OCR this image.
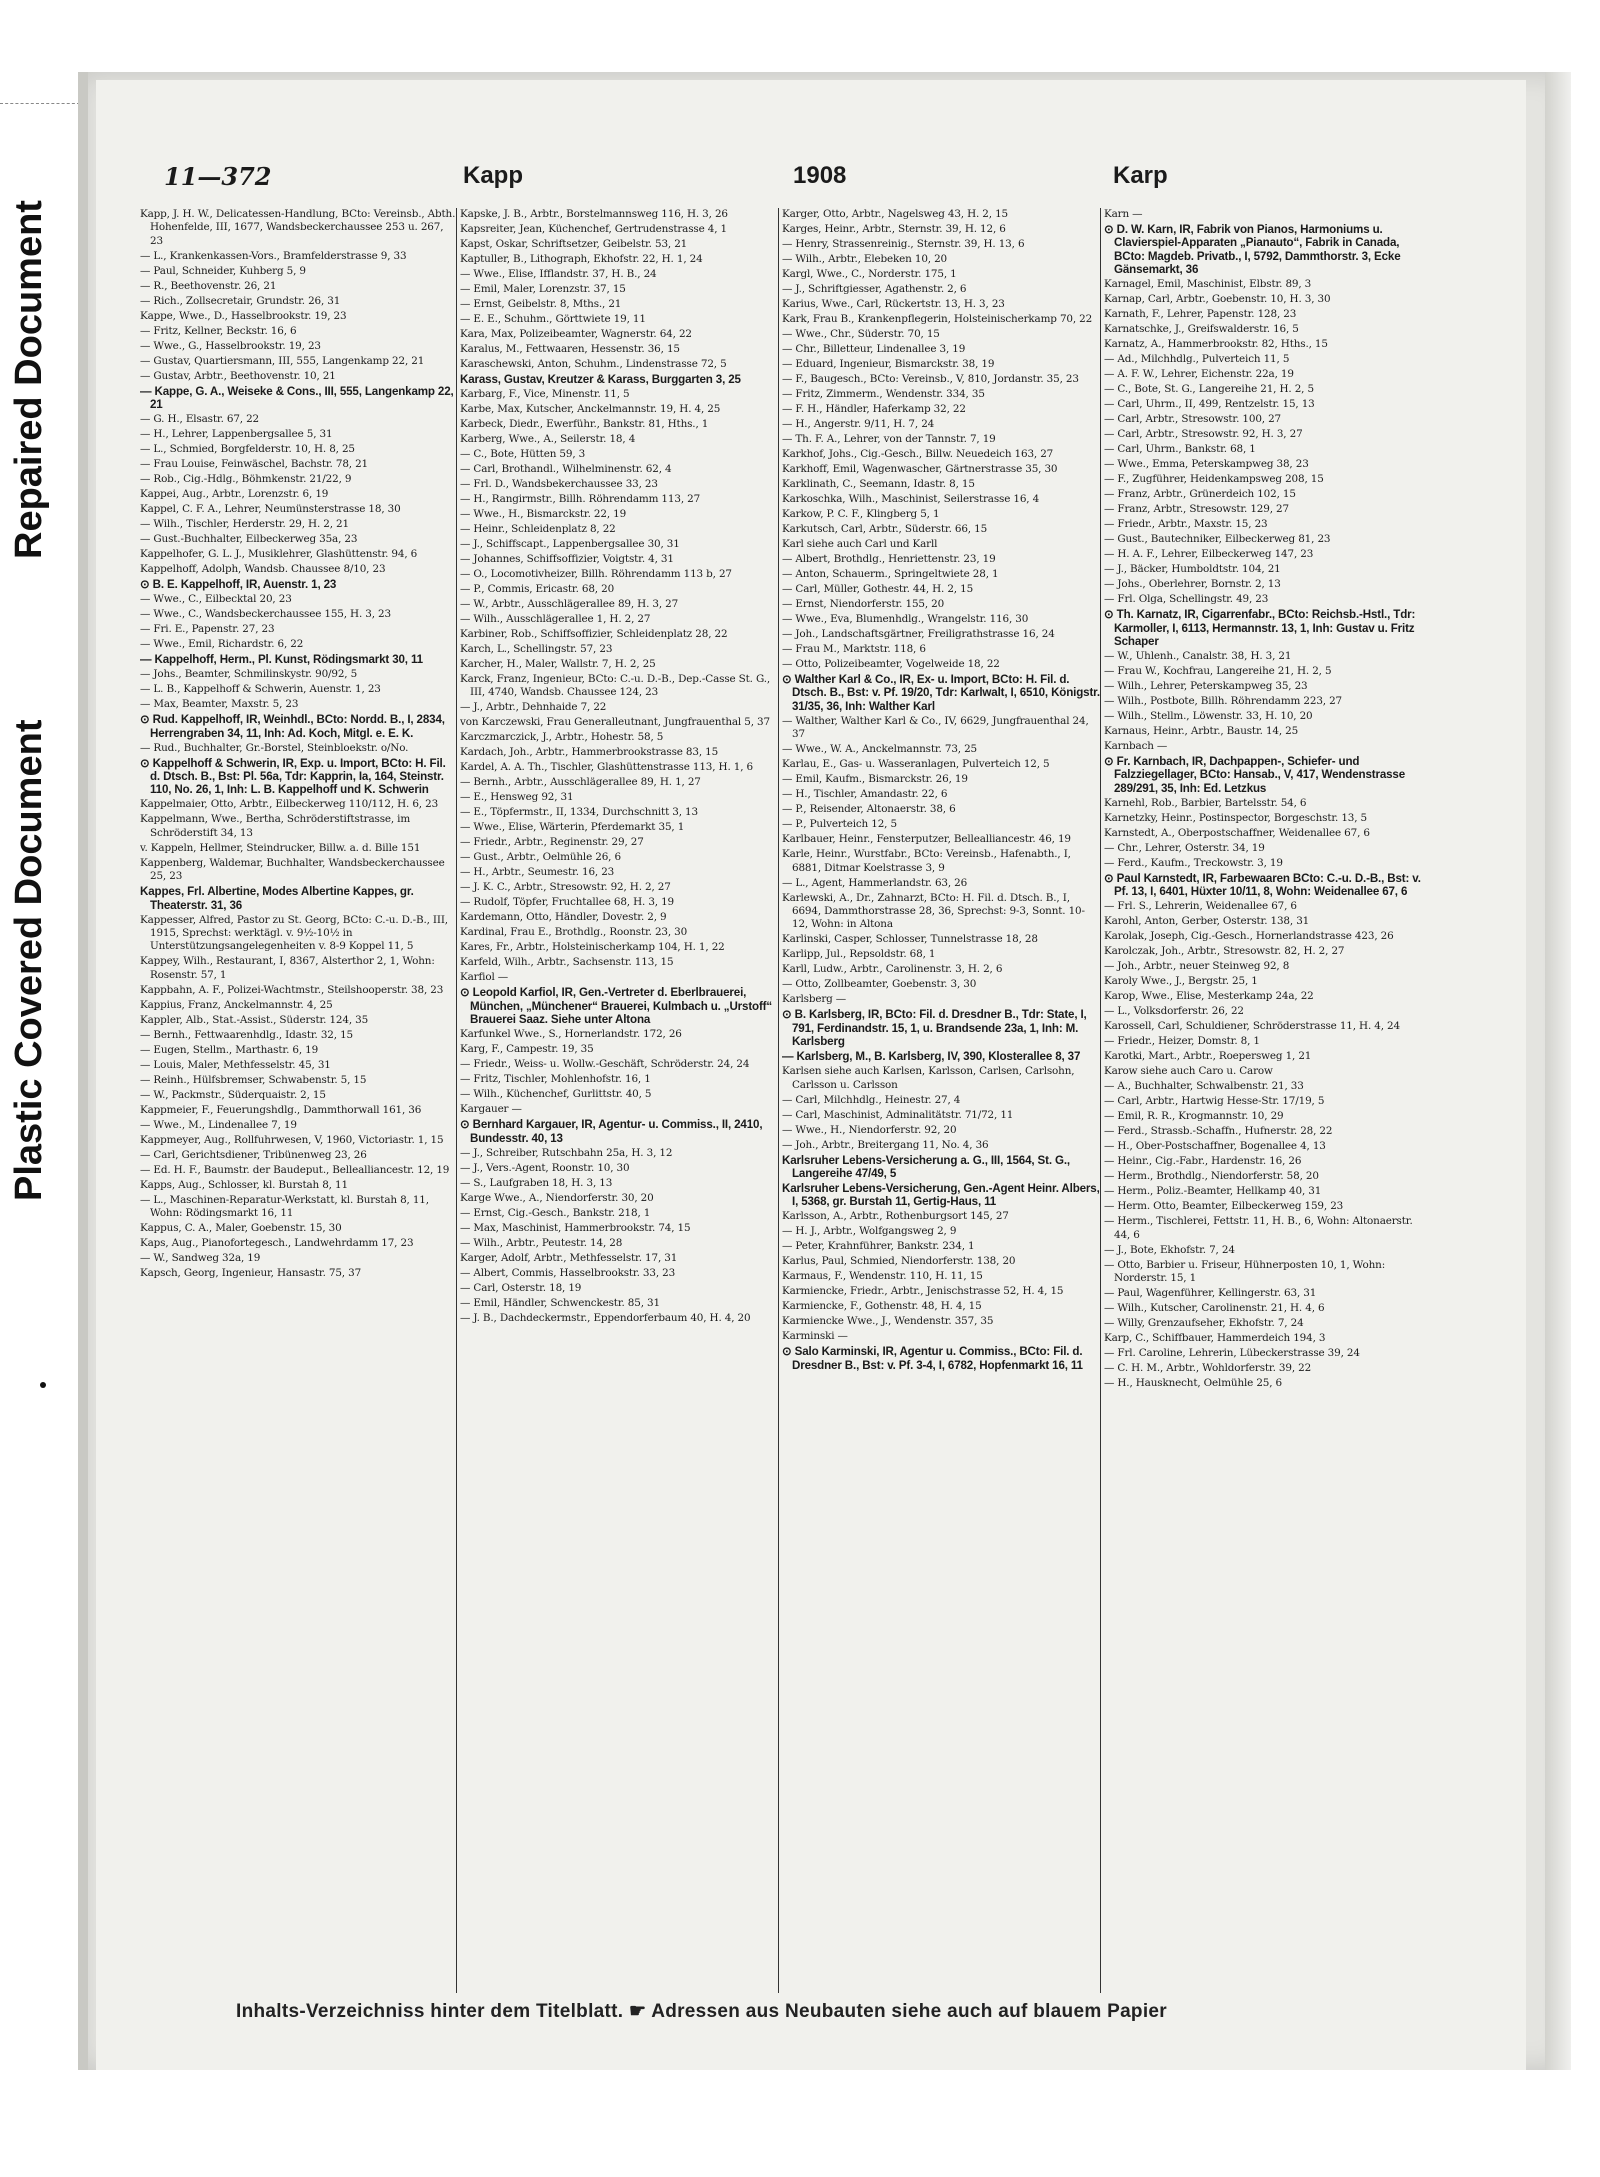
Repaired Document
Plastic Covered Document
11—372	Kapp	1908	Karp
Kapp, J. H. W., Delicatessen-Handlung, BCto: Vereinsb., Abth. Hohenfelde, III, 1677, Wandsbeckerchaussee 253 u. 267, 23
— L., Krankenkassen-Vors., Bramfelderstrasse 9, 33
— Paul, Schneider, Kuhberg 5, 9
— R., Beethovenstr. 26, 21
— Rich., Zollsecretair, Grundstr. 26, 31
Kappe, Wwe., D., Hasselbrookstr. 19, 23
— Fritz, Kellner, Beckstr. 16, 6
— Wwe., G., Hasselbrookstr. 19, 23
— Gustav, Quartiersmann, III, 555, Langenkamp 22, 21
— Gustav, Arbtr., Beethovenstr. 10, 21
— Kappe, G. A., Weiseke & Cons., III, 555, Langenkamp 22, 21
— G. H., Elsastr. 67, 22
— H., Lehrer, Lappenbergsallee 5, 31
— L., Schmied, Borgfelderstr. 10, H. 8, 25
— Frau Louise, Feinwäschel, Bachstr. 78, 21
— Rob., Cig.-Hdlg., Böhmkenstr. 21/22, 9
Kappei, Aug., Arbtr., Lorenzstr. 6, 19
Kappel, C. F. A., Lehrer, Neumünsterstrasse 18, 30
— Wilh., Tischler, Herderstr. 29, H. 2, 21
— Gust.-Buchhalter, Eilbeckerweg 35a, 23
Kappelhofer, G. L. J., Musiklehrer, Glashüttenstr. 94, 6
Kappelhoff, Adolph, Wandsb. Chaussee 8/10, 23
⊙ B. E. Kappelhoff, IR, Auenstr. 1, 23
— Wwe., C., Eilbecktal 20, 23
— Wwe., C., Wandsbeckerchaussee 155, H. 3, 23
— Fri. E., Papenstr. 27, 23
— Wwe., Emil, Richardstr. 6, 22
— Kappelhoff, Herm., Pl. Kunst, Rödingsmarkt 30, 11
— Johs., Beamter, Schmilinskystr. 90/92, 5
— L. B., Kappelhoff & Schwerin, Auenstr. 1, 23
— Max, Beamter, Maxstr. 5, 23
⊙ Rud. Kappelhoff, IR, Weinhdl., BCto: Nordd. B., I, 2834, Herrengraben 34, 11, Inh: Ad. Koch, Mitgl. e. E. K.
— Rud., Buchhalter, Gr.-Borstel, Steinbloekstr. o/No.
⊙ Kappelhoff & Schwerin, IR, Exp. u. Import, BCto: H. Fil. d. Dtsch. B., Bst: Pl. 56a, Tdr: Kapprin, Ia, 164, Steinstr. 110, No. 26, 1, Inh: L. B. Kappelhoff und K. Schwerin
Kappelmaier, Otto, Arbtr., Eilbeckerweg 110/112, H. 6, 23
Kappelmann, Wwe., Bertha, Schröderstiftstrasse, im Schröderstift 34, 13
v. Kappeln, Hellmer, Steindrucker, Billw. a. d. Bille 151
Kappenberg, Waldemar, Buchhalter, Wandsbeckerchaussee 25, 23
Kappes, Frl. Albertine, Modes Albertine Kappes, gr. Theaterstr. 31, 36
Kappesser, Alfred, Pastor zu St. Georg, BCto: C.-u. D.-B., III, 1915, Sprechst: werktägl. v. 9½-10½ in Unterstützungsangelegenheiten v. 8-9 Koppel 11, 5
Kappey, Wilh., Restaurant, I, 8367, Alsterthor 2, 1, Wohn: Rosenstr. 57, 1
Kappbahn, A. F., Polizei-Wachtmstr., Steilshooperstr. 38, 23
Kappius, Franz, Anckelmannstr. 4, 25
Kappler, Alb., Stat.-Assist., Süderstr. 124, 35
— Bernh., Fettwaarenhdlg., Idastr. 32, 15
— Eugen, Stellm., Marthastr. 6, 19
— Louis, Maler, Methfesselstr. 45, 31
— Reinh., Hülfsbremser, Schwabenstr. 5, 15
— W., Packmstr., Süderquaistr. 2, 15
Kappmeier, F., Feuerungshdlg., Dammthorwall 161, 36
— Wwe., M., Lindenallee 7, 19
Kappmeyer, Aug., Rollfuhrwesen, V, 1960, Victoriastr. 1, 15
— Carl, Gerichtsdiener, Tribünenweg 23, 26
— Ed. H. F., Baumstr. der Baudeput., Bellealliancestr. 12, 19
Kapps, Aug., Schlosser, kl. Burstah 8, 11
— L., Maschinen-Reparatur-Werkstatt, kl. Burstah 8, 11, Wohn: Rödingsmarkt 16, 11
Kappus, C. A., Maler, Goebenstr. 15, 30
Kaps, Aug., Pianofortegesch., Landwehrdamm 17, 23
— W., Sandweg 32a, 19
Kapsch, Georg, Ingenieur, Hansastr. 75, 37
Kapske, J. B., Arbtr., Borstelmannsweg 116, H. 3, 26
Kapsreiter, Jean, Küchenchef, Gertrudenstrasse 4, 1
Kapst, Oskar, Schriftsetzer, Geibelstr. 53, 21
Kaptuller, B., Lithograph, Ekhofstr. 22, H. 1, 24
— Wwe., Elise, Ifflandstr. 37, H. B., 24
— Emil, Maler, Lorenzstr. 37, 15
— Ernst, Geibelstr. 8, Mths., 21
— E. E., Schuhm., Görttwiete 19, 11
Kara, Max, Polizeibeamter, Wagnerstr. 64, 22
Karalus, M., Fettwaaren, Hessenstr. 36, 15
Karaschewski, Anton, Schuhm., Lindenstrasse 72, 5
Karass, Gustav, Kreutzer & Karass, Burggarten 3, 25
Karbarg, F., Vice, Minenstr. 11, 5
Karbe, Max, Kutscher, Anckelmannstr. 19, H. 4, 25
Karbeck, Diedr., Ewerführ., Bankstr. 81, Hths., 1
Karberg, Wwe., A., Seilerstr. 18, 4
— C., Bote, Hütten 59, 3
— Carl, Brothandl., Wilhelminenstr. 62, 4
— Frl. D., Wandsbekerchaussee 33, 23
— H., Rangirmstr., Billh. Röhrendamm 113, 27
— Wwe., H., Bismarckstr. 22, 19
— Heinr., Schleidenplatz 8, 22
— J., Schiffscapt., Lappenbergsallee 30, 31
— Johannes, Schiffsoffizier, Voigtstr. 4, 31
— O., Locomotivheizer, Billh. Röhrendamm 113 b, 27
— P., Commis, Ericastr. 68, 20
— W., Arbtr., Ausschlägerallee 89, H. 3, 27
— Wilh., Ausschlägerallee 1, H. 2, 27
Karbiner, Rob., Schiffsoffizier, Schleidenplatz 28, 22
Karch, L., Schellingstr. 57, 23
Karcher, H., Maler, Wallstr. 7, H. 2, 25
Karck, Franz, Ingenieur, BCto: C.-u. D.-B., Dep.-Casse St. G., III, 4740, Wandsb. Chaussee 124, 23
— J., Arbtr., Dehnhaide 7, 22
von Karczewski, Frau Generalleutnant, Jungfrauenthal 5, 37
Karczmarczick, J., Arbtr., Hohestr. 58, 5
Kardach, Joh., Arbtr., Hammerbrookstrasse 83, 15
Kardel, A. A. Th., Tischler, Glashüttenstrasse 113, H. 1, 6
— Bernh., Arbtr., Ausschlägerallee 89, H. 1, 27
— E., Hensweg 92, 31
— E., Töpfermstr., II, 1334, Durchschnitt 3, 13
— Wwe., Elise, Wärterin, Pferdemarkt 35, 1
— Friedr., Arbtr., Reginenstr. 29, 27
— Gust., Arbtr., Oelmühle 26, 6
— H., Arbtr., Seumestr. 16, 23
— J. K. C., Arbtr., Stresowstr. 92, H. 2, 27
— Rudolf, Töpfer, Fruchtallee 68, H. 3, 19
Kardemann, Otto, Händler, Dovestr. 2, 9
Kardinal, Frau E., Brothdlg., Roonstr. 23, 30
Kares, Fr., Arbtr., Holsteinischerkamp 104, H. 1, 22
Karfeld, Wilh., Arbtr., Sachsenstr. 113, 15
Karfiol —
⊙ Leopold Karfiol, IR, Gen.-Vertreter d. Eberlbrauerei, München, „Münchener“ Brauerei, Kulmbach u. „Urstoff“ Brauerei Saaz. Siehe unter Altona
Karfunkel Wwe., S., Hornerlandstr. 172, 26
Karg, F., Campestr. 19, 35
— Friedr., Weiss- u. Wollw.-Geschäft, Schröderstr. 24, 24
— Fritz, Tischler, Mohlenhofstr. 16, 1
— Wilh., Küchenchef, Gurlittstr. 40, 5
Kargauer —
⊙ Bernhard Kargauer, IR, Agentur- u. Commiss., II, 2410, Bundesstr. 40, 13
— J., Schreiber, Rutschbahn 25a, H. 3, 12
— J., Vers.-Agent, Roonstr. 10, 30
— S., Laufgraben 18, H. 3, 13
Karge Wwe., A., Niendorferstr. 30, 20
— Ernst, Cig.-Gesch., Bankstr. 218, 1
— Max, Maschinist, Hammerbrookstr. 74, 15
— Wilh., Arbtr., Peutestr. 14, 28
Karger, Adolf, Arbtr., Methfesselstr. 17, 31
— Albert, Commis, Hasselbrookstr. 33, 23
— Carl, Osterstr. 18, 19
— Emil, Händler, Schwenckestr. 85, 31
— J. B., Dachdeckermstr., Eppendorferbaum 40, H. 4, 20
Karger, Otto, Arbtr., Nagelsweg 43, H. 2, 15
Karges, Heinr., Arbtr., Sternstr. 39, H. 12, 6
— Henry, Strassenreinig., Sternstr. 39, H. 13, 6
— Wilh., Arbtr., Elebeken 10, 20
Kargl, Wwe., C., Norderstr. 175, 1
— J., Schriftgiesser, Agathenstr. 2, 6
Karius, Wwe., Carl, Rückertstr. 13, H. 3, 23
Kark, Frau B., Krankenpflegerin, Holsteinischerkamp 70, 22
— Wwe., Chr., Süderstr. 70, 15
— Chr., Billetteur, Lindenallee 3, 19
— Eduard, Ingenieur, Bismarckstr. 38, 19
— F., Baugesch., BCto: Vereinsb., V, 810, Jordanstr. 35, 23
— Fritz, Zimmerm., Wendenstr. 334, 35
— F. H., Händler, Haferkamp 32, 22
— H., Angerstr. 9/11, H. 7, 24
— Th. F. A., Lehrer, von der Tannstr. 7, 19
Karkhof, Johs., Cig.-Gesch., Billw. Neuedeich 163, 27
Karkhoff, Emil, Wagenwascher, Gärtnerstrasse 35, 30
Karklinath, C., Seemann, Idastr. 8, 15
Karkoschka, Wilh., Maschinist, Seilerstrasse 16, 4
Karkow, P. C. F., Klingberg 5, 1
Karkutsch, Carl, Arbtr., Süderstr. 66, 15
Karl siehe auch Carl und Karll
— Albert, Brothdlg., Henriettenstr. 23, 19
— Anton, Schauerm., Springeltwiete 28, 1
— Carl, Müller, Gothestr. 44, H. 2, 15
— Ernst, Niendorferstr. 155, 20
— Wwe., Eva, Blumenhdlg., Wrangelstr. 116, 30
— Joh., Landschaftsgärtner, Freiligrathstrasse 16, 24
— Frau M., Marktstr. 118, 6
— Otto, Polizeibeamter, Vogelweide 18, 22
⊙ Walther Karl & Co., IR, Ex- u. Import, BCto: H. Fil. d. Dtsch. B., Bst: v. Pf. 19/20, Tdr: Karlwalt, I, 6510, Königstr. 31/35, 36, Inh: Walther Karl
— Walther, Walther Karl & Co., IV, 6629, Jungfrauenthal 24, 37
— Wwe., W. A., Anckelmannstr. 73, 25
Karlau, E., Gas- u. Wasseranlagen, Pulverteich 12, 5
— Emil, Kaufm., Bismarckstr. 26, 19
— H., Tischler, Amandastr. 22, 6
— P., Reisender, Altonaerstr. 38, 6
— P., Pulverteich 12, 5
Karlbauer, Heinr., Fensterputzer, Bellealliancestr. 46, 19
Karle, Heinr., Wurstfabr., BCto: Vereinsb., Hafenabth., I, 6881, Ditmar Koelstrasse 3, 9
— L., Agent, Hammerlandstr. 63, 26
Karlewski, A., Dr., Zahnarzt, BCto: H. Fil. d. Dtsch. B., I, 6694, Dammthorstrasse 28, 36, Sprechst: 9-3, Sonnt. 10-12, Wohn: in Altona
Karlinski, Casper, Schlosser, Tunnelstrasse 18, 28
Karlipp, Jul., Repsoldstr. 68, 1
Karll, Ludw., Arbtr., Carolinenstr. 3, H. 2, 6
— Otto, Zollbeamter, Goebenstr. 3, 30
Karlsberg —
⊙ B. Karlsberg, IR, BCto: Fil. d. Dresdner B., Tdr: State, I, 791, Ferdinandstr. 15, 1, u. Brandsende 23a, 1, Inh: M. Karlsberg
— Karlsberg, M., B. Karlsberg, IV, 390, Klosterallee 8, 37
Karlsen siehe auch Karlsen, Karlsson, Carlsen, Carlsohn, Carlsson u. Carlsson
— Carl, Milchhdlg., Heinestr. 27, 4
— Carl, Maschinist, Adminalitätstr. 71/72, 11
— Wwe., H., Niendorferstr. 92, 20
— Joh., Arbtr., Breitergang 11, No. 4, 36
Karlsruher Lebens-Versicherung a. G., III, 1564, St. G., Langereihe 47/49, 5
Karlsruher Lebens-Versicherung, Gen.-Agent Heinr. Albers, I, 5368, gr. Burstah 11, Gertig-Haus, 11
Karlsson, A., Arbtr., Rothenburgsort 145, 27
— H. J., Arbtr., Wolfgangsweg 2, 9
— Peter, Krahnführer, Bankstr. 234, 1
Karlus, Paul, Schmied, Niendorferstr. 138, 20
Karmaus, F., Wendenstr. 110, H. 11, 15
Karmiencke, Friedr., Arbtr., Jenischstrasse 52, H. 4, 15
Karmiencke, F., Gothenstr. 48, H. 4, 15
Karmiencke Wwe., J., Wendenstr. 357, 35
Karminski —
⊙ Salo Karminski, IR, Agentur u. Commiss., BCto: Fil. d. Dresdner B., Bst: v. Pf. 3-4, I, 6782, Hopfenmarkt 16, 11
Karn —
⊙ D. W. Karn, IR, Fabrik von Pianos, Harmoniums u. Clavierspiel-Apparaten „Pianauto“, Fabrik in Canada, BCto: Magdeb. Privatb., I, 5792, Dammthorstr. 3, Ecke Gänsemarkt, 36
Karnagel, Emil, Maschinist, Elbstr. 89, 3
Karnap, Carl, Arbtr., Goebenstr. 10, H. 3, 30
Karnath, F., Lehrer, Papenstr. 128, 23
Karnatschke, J., Greifswalderstr. 16, 5
Karnatz, A., Hammerbrookstr. 82, Hths., 15
— Ad., Milchhdlg., Pulverteich 11, 5
— A. F. W., Lehrer, Eichenstr. 22a, 19
— C., Bote, St. G., Langereihe 21, H. 2, 5
— Carl, Uhrm., II, 499, Rentzelstr. 15, 13
— Carl, Arbtr., Stresowstr. 100, 27
— Carl, Arbtr., Stresowstr. 92, H. 3, 27
— Carl, Uhrm., Bankstr. 68, 1
— Wwe., Emma, Peterskampweg 38, 23
— F., Zugführer, Heidenkampsweg 208, 15
— Franz, Arbtr., Grünerdeich 102, 15
— Franz, Arbtr., Stresowstr. 129, 27
— Friedr., Arbtr., Maxstr. 15, 23
— Gust., Bautechniker, Eilbeckerweg 81, 23
— H. A. F., Lehrer, Eilbeckerweg 147, 23
— J., Bäcker, Humboldtstr. 104, 21
— Johs., Oberlehrer, Bornstr. 2, 13
— Frl. Olga, Schellingstr. 49, 23
⊙ Th. Karnatz, IR, Cigarrenfabr., BCto: Reichsb.-Hstl., Tdr: Karmoller, I, 6113, Hermannstr. 13, 1, Inh: Gustav u. Fritz Schaper
— W., Uhlenh., Canalstr. 38, H. 3, 21
— Frau W., Kochfrau, Langereihe 21, H. 2, 5
— Wilh., Lehrer, Peterskampweg 35, 23
— Wilh., Postbote, Billh. Röhrendamm 223, 27
— Wilh., Stellm., Löwenstr. 33, H. 10, 20
Karnaus, Heinr., Arbtr., Baustr. 14, 25
Karnbach —
⊙ Fr. Karnbach, IR, Dachpappen-, Schiefer- und Falzziegellager, BCto: Hansab., V, 417, Wendenstrasse 289/291, 35, Inh: Ed. Letzkus
Karnehl, Rob., Barbier, Bartelsstr. 54, 6
Karnetzky, Heinr., Postinspector, Borgeschstr. 13, 5
Karnstedt, A., Oberpostschaffner, Weidenallee 67, 6
— Chr., Lehrer, Osterstr. 34, 19
— Ferd., Kaufm., Treckowstr. 3, 19
⊙ Paul Karnstedt, IR, Farbewaaren BCto: C.-u. D.-B., Bst: v. Pf. 13, I, 6401, Hüxter 10/11, 8, Wohn: Weidenallee 67, 6
— Frl. S., Lehrerin, Weidenallee 67, 6
Karohl, Anton, Gerber, Osterstr. 138, 31
Karolak, Joseph, Cig.-Gesch., Hornerlandstrasse 423, 26
Karolczak, Joh., Arbtr., Stresowstr. 82, H. 2, 27
— Joh., Arbtr., neuer Steinweg 92, 8
Karoly Wwe., J., Bergstr. 25, 1
Karop, Wwe., Elise, Mesterkamp 24a, 22
— L., Volksdorferstr. 26, 22
Karossell, Carl, Schuldiener, Schröderstrasse 11, H. 4, 24
— Friedr., Heizer, Domstr. 8, 1
Karotki, Mart., Arbtr., Roepersweg 1, 21
Karow siehe auch Caro u. Carow
— A., Buchhalter, Schwalbenstr. 21, 33
— Carl, Arbtr., Hartwig Hesse-Str. 17/19, 5
— Emil, R. R., Krogmannstr. 10, 29
— Ferd., Strassb.-Schaffn., Hufnerstr. 28, 22
— H., Ober-Postschaffner, Bogenallee 4, 13
— Heinr., Cig.-Fabr., Hardenstr. 16, 26
— Herm., Brothdlg., Niendorferstr. 58, 20
— Herm., Poliz.-Beamter, Hellkamp 40, 31
— Herm. Otto, Beamter, Eilbeckerweg 159, 23
— Herm., Tischlerei, Fettstr. 11, H. B., 6, Wohn: Altonaerstr. 44, 6
— J., Bote, Ekhofstr. 7, 24
— Otto, Barbier u. Friseur, Hühnerposten 10, 1, Wohn: Norderstr. 15, 1
— Paul, Wagenführer, Kellingerstr. 63, 31
— Wilh., Kutscher, Carolinenstr. 21, H. 4, 6
— Willy, Grenzaufseher, Ekhofstr. 7, 24
Karp, C., Schiffbauer, Hammerdeich 194, 3
— Frl. Caroline, Lehrerin, Lübeckerstrasse 39, 24
— C. H. M., Arbtr., Wohldorferstr. 39, 22
— H., Hausknecht, Oelmühle 25, 6
Inhalts-Verzeichniss hinter dem Titelblatt. ☛ Adressen aus Neubauten siehe auch auf blauem Papier
